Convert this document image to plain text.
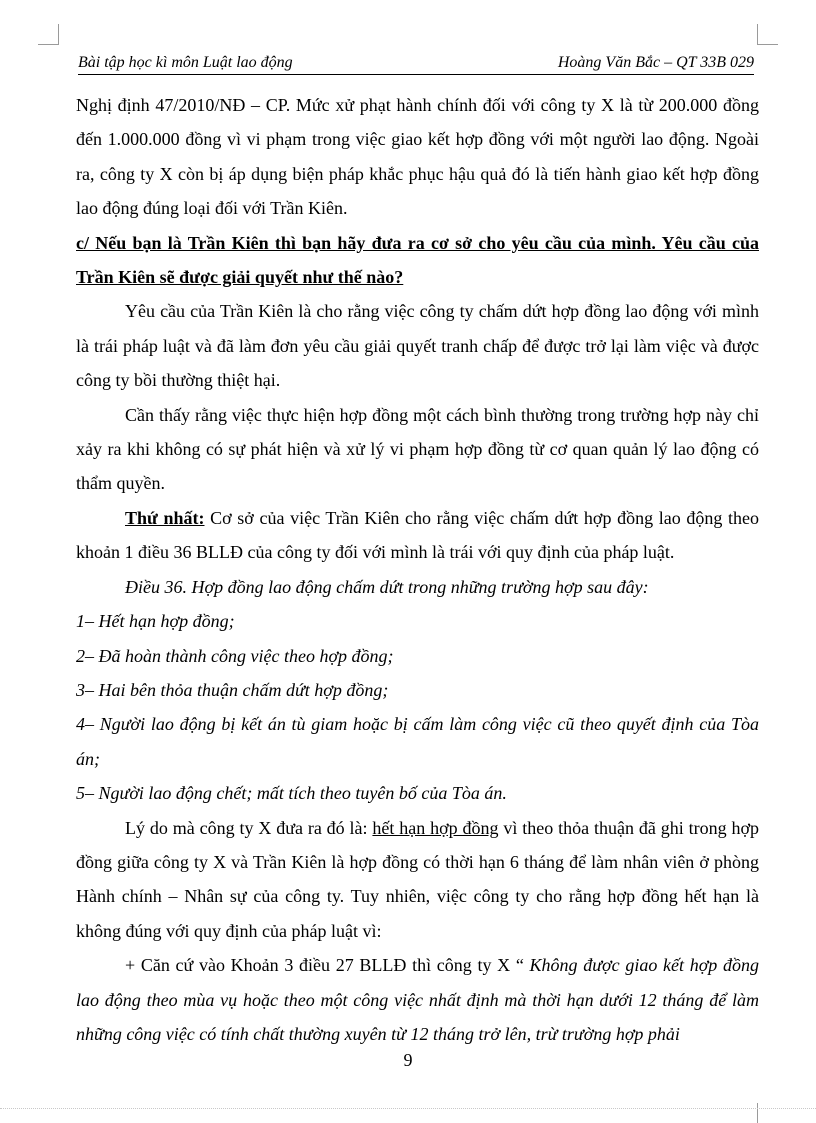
Bài tập học kì môn Luật lao động	Hoàng Văn Bắc – QT 33B 029

Nghị định 47/2010/NĐ – CP. Mức xử phạt hành chính đối với công ty X là từ 200.000 đồng đến 1.000.000 đồng vì vi phạm trong việc giao kết hợp đồng với một người lao động. Ngoài ra, công ty X còn bị áp dụng biện pháp khắc phục hậu quả đó là tiến hành giao kết hợp đồng lao động đúng loại đối với Trần Kiên.

c/ Nếu bạn là Trần Kiên thì bạn hãy đưa ra cơ sở cho yêu cầu của mình. Yêu cầu của Trần Kiên sẽ được giải quyết như thế nào?

Yêu cầu của Trần Kiên là cho rằng việc công ty chấm dứt hợp đồng lao động với mình là trái pháp luật và đã làm đơn yêu cầu giải quyết tranh chấp để được trở lại làm việc và được công ty bồi thường thiệt hại.

Cần thấy rằng việc thực hiện hợp đồng một cách bình thường trong trường hợp này chỉ xảy ra khi không có sự phát hiện và xử lý vi phạm hợp đồng từ cơ quan quản lý lao động có thẩm quyền.

Thứ nhất: Cơ sở của việc Trần Kiên cho rằng việc chấm dứt hợp đồng lao động theo khoản 1 điều 36 BLLĐ của công ty đối với mình là trái với quy định của pháp luật.

Điều 36. Hợp đồng lao động chấm dứt trong những trường hợp sau đây:

1– Hết hạn hợp đồng;

2– Đã hoàn thành công việc theo hợp đồng;

3– Hai bên thỏa thuận chấm dứt hợp đồng;

4– Người lao động bị kết án tù giam hoặc bị cấm làm công việc cũ theo quyết định của Tòa án;

5– Người lao động chết; mất tích theo tuyên bố của Tòa án.

Lý do mà công ty X đưa ra đó là: hết hạn hợp đồng vì theo thỏa thuận đã ghi trong hợp đồng giữa công ty X và Trần Kiên là hợp đồng có thời hạn 6 tháng để làm nhân viên ở phòng Hành chính – Nhân sự của công ty. Tuy nhiên, việc công ty cho rằng hợp đồng hết hạn là không đúng với quy định của pháp luật vì:

+ Căn cứ vào Khoản 3 điều 27 BLLĐ thì công ty X “ Không được giao kết hợp đồng lao động theo mùa vụ hoặc theo một công việc nhất định mà thời hạn dưới 12 tháng để làm những công việc có tính chất thường xuyên từ 12 tháng trở lên, trừ trường hợp phải

9
